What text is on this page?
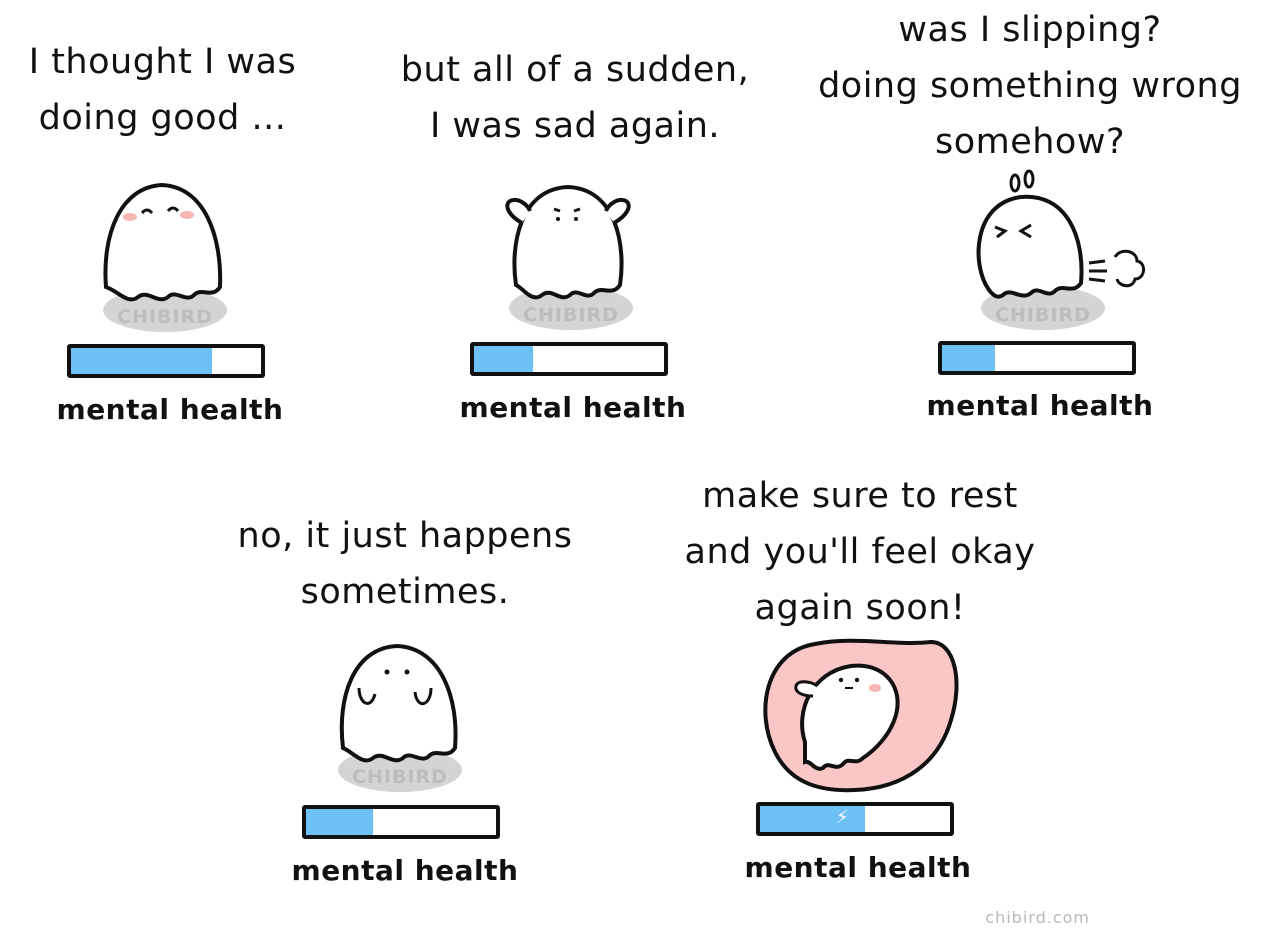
I thought I was
doing good ...
CHIBIRD
mental health
but all of a sudden,
I was sad again.
CHIBIRD
mental health
was I slipping?
doing something wrong
somehow?
CHIBIRD
mental health
no, it just happens
sometimes.
CHIBIRD
mental health
make sure to rest
and you'll feel okay
again soon!
⚡
mental health
chibird.com
